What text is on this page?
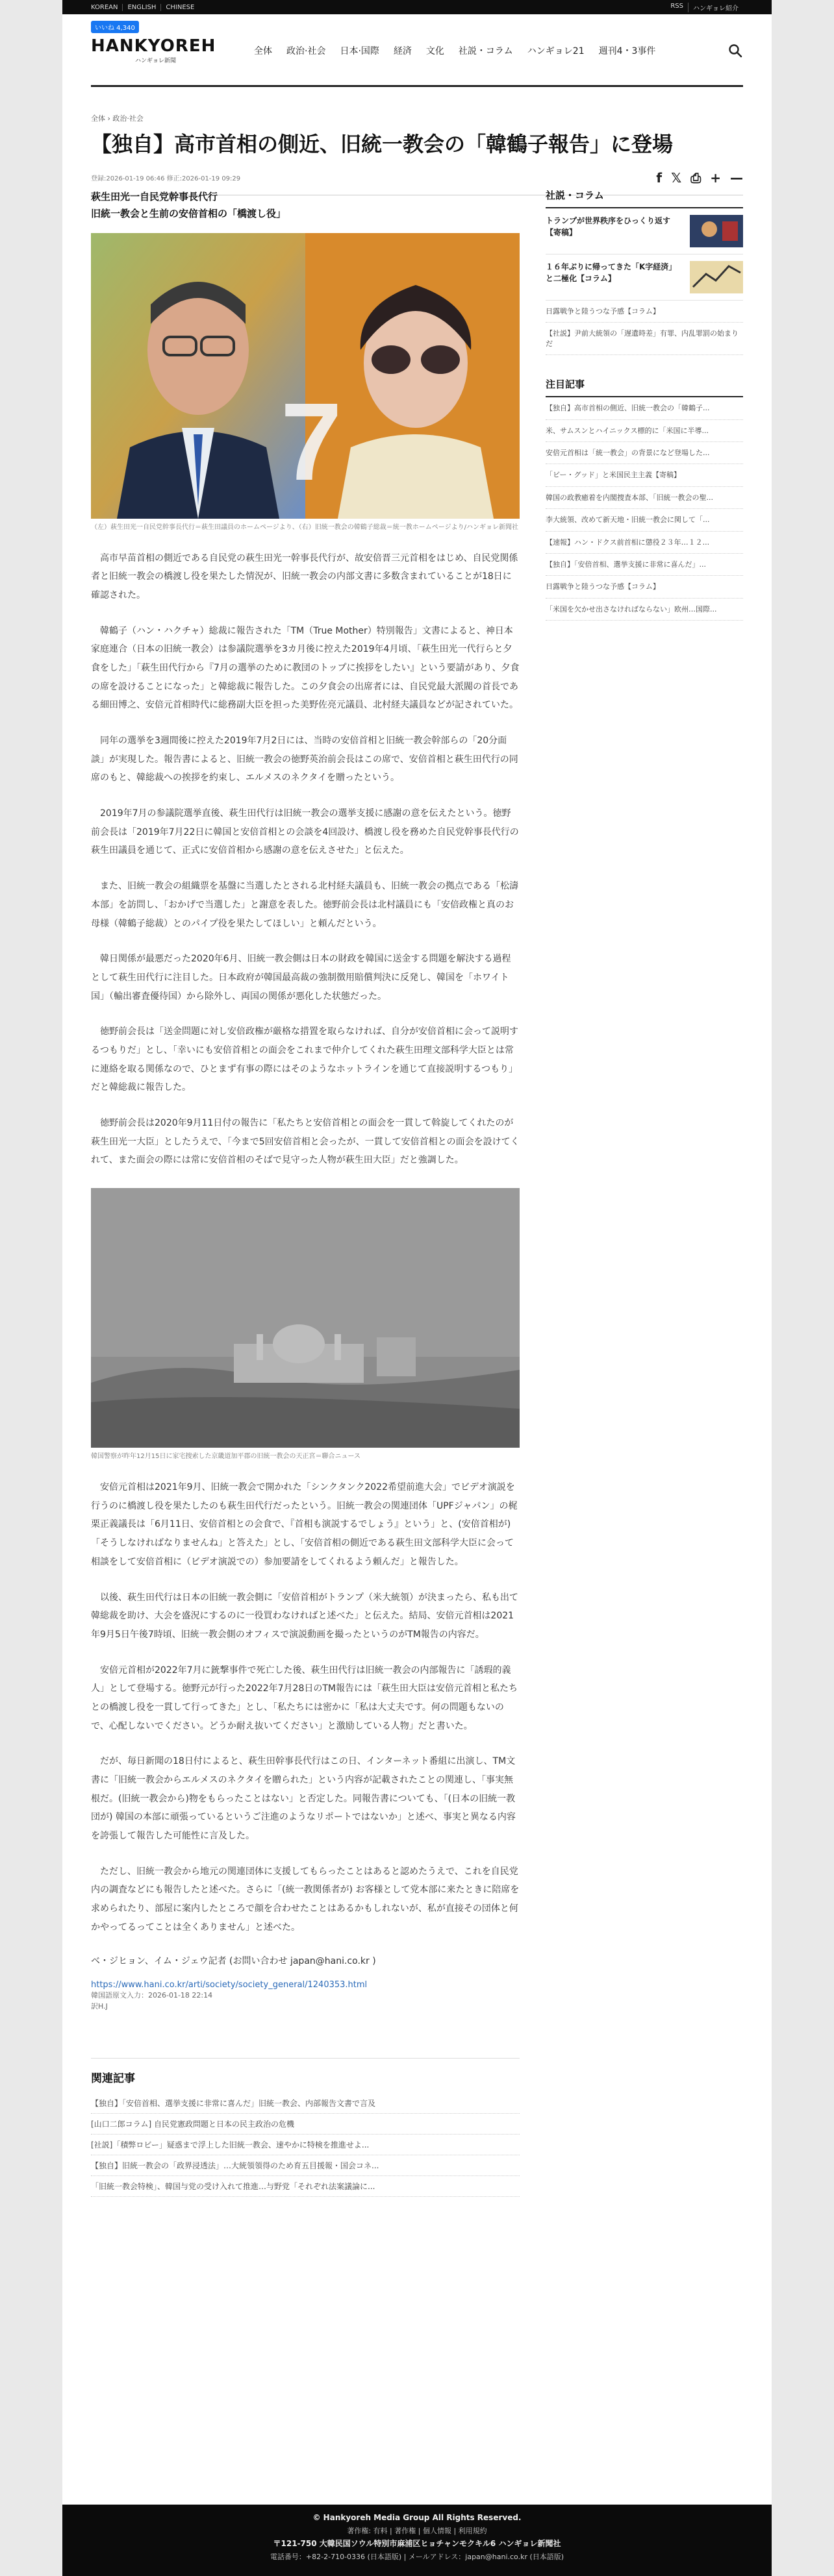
KOREAN	ENGLISH	CHINESE	RSS	ハンギョレ紹介
いいね 4,340
HANKYOREH
ハンギョレ新聞
全体	政治·社会	日本·国際	経済	文化	社説・コラム	ハンギョレ21	週刊4・3事件
全体 › 政治·社会
【独自】高市首相の側近、旧統一教会の「韓鶴子報告」に登場
登録:2026-01-19 06:46 修正:2026-01-19 09:29	f 𝕏 ⎙ + —
萩生田光一自民党幹事長代行
旧統一教会と生前の安倍首相の「橋渡し役」
7
（左）萩生田光一自民党幹事長代行＝萩生田議員のホームページより、（右）旧統一教会の韓鶴子総裁＝統一教ホームページより/ハンギョレ新聞社

高市早苗首相の側近である自民党の萩生田光一幹事長代行が、故安倍晋三元首相をはじめ、自民党関係者と旧統一教会の橋渡し役を果たした情況が、旧統一教会の内部文書に多数含まれていることが18日に確認された。

韓鶴子（ハン・ハクチャ）総裁に報告された「TM（True Mother）特別報告」文書によると、神日本家庭連合（日本の旧統一教会）は参議院選挙を3カ月後に控えた2019年4月頃、「萩生田光一代行らと夕食をした」「萩生田代行から『7月の選挙のために教団のトップに挨拶をしたい』という要請があり、夕食の席を設けることになった」と韓総裁に報告した。この夕食会の出席者には、自民党最大派閥の首長である細田博之、安倍元首相時代に総務副大臣を担った美野佐亮元議員、北村経夫議員などが記されていた。

同年の選挙を3週間後に控えた2019年7月2日には、当時の安倍首相と旧統一教会幹部らの「20分面談」が実現した。報告書によると、旧統一教会の徳野英治前会長はこの席で、安倍首相と萩生田代行の同席のもと、韓総裁への挨拶を約束し、エルメスのネクタイを贈ったという。

2019年7月の参議院選挙直後、萩生田代行は旧統一教会の選挙支援に感謝の意を伝えたという。徳野前会長は「2019年7月22日に韓国と安倍首相との会談を4回設け、橋渡し役を務めた自民党幹事長代行の萩生田議員を通じて、正式に安倍首相から感謝の意を伝えさせた」と伝えた。

また、旧統一教会の組織票を基盤に当選したとされる北村経夫議員も、旧統一教会の拠点である「松濤本部」を訪問し、「おかげで当選した」と謝意を表した。徳野前会長は北村議員にも「安倍政権と真のお母様（韓鶴子総裁）とのパイプ役を果たしてほしい」と頼んだという。

韓日関係が最悪だった2020年6月、旧統一教会側は日本の財政を韓国に送金する問題を解決する過程として萩生田代行に注目した。日本政府が韓国最高裁の強制徴用賠償判決に反発し、韓国を「ホワイト国」（輸出審査優待国）から除外し、両国の関係が悪化した状態だった。

徳野前会長は「送金問題に対し安倍政権が厳格な措置を取らなければ、自分が安倍首相に会って説明するつもりだ」とし、「幸いにも安倍首相との面会をこれまで仲介してくれた萩生田理文部科学大臣とは常に連絡を取る関係なので、ひとまず有事の際にはそのようなホットラインを通じて直接説明するつもり」だと韓総裁に報告した。

徳野前会長は2020年9月11日付の報告に「私たちと安倍首相との面会を一貫して斡旋してくれたのが萩生田光一大臣」としたうえで、「今まで5回安倍首相と会ったが、一貫して安倍首相との面会を設けてくれて、また面会の際には常に安倍首相のそばで見守った人物が萩生田大臣」だと強調した。

韓国警察が昨年12月15日に家宅捜索した京畿道加平郡の旧統一教会の天正宮＝聯合ニュース

安倍元首相は2021年9月、旧統一教会で開かれた「シンクタンク2022希望前進大会」でビデオ演説を行うのに橋渡し役を果たしたのも萩生田代行だったという。旧統一教会の関連団体「UPFジャパン」の梶栗正義議長は「6月11日、安倍首相との会食で、『首相も演説するでしょう』という」と、(安倍首相が)「そうしなければなりませんね」と答えた」とし、「安倍首相の側近である萩生田文部科学大臣に会って相談をして安倍首相に（ビデオ演説での）参加要請をしてくれるよう頼んだ」と報告した。

以後、萩生田代行は日本の旧統一教会側に「安倍首相がトランプ（米大統領）が決まったら、私も出て韓総裁を助け、大会を盛況にするのに一役買わなければと述べた」と伝えた。結局、安倍元首相は2021年9月5日午後7時頃、旧統一教会側のオフィスで演説動画を撮ったというのがTM報告の内容だ。

安倍元首相が2022年7月に銃撃事件で死亡した後、萩生田代行は旧統一教会の内部報告に「誘瑕的義人」として登場する。徳野元が行った2022年7月28日のTM報告には「萩生田大臣は安倍元首相と私たちとの橋渡し役を一貫して行ってきた」とし、「私たちには密かに「私は大丈夫です。何の問題もないので、心配しないでください。どうか耐え抜いてください」と激励している人物」だと書いた。

だが、毎日新聞の18日付によると、萩生田幹事長代行はこの日、インターネット番組に出演し、TM文書に「旧統一教会からエルメスのネクタイを贈られた」という内容が記載されたことの関連し、「事実無根だ。(旧統一教会から)物をもらったことはない」と否定した。同報告書についても、「(日本の旧統一教団が) 韓国の本部に頑張っているというご注進のようなリポートではないか」と述べ、事実と異なる内容を誇張して報告した可能性に言及した。

ただし、旧統一教会から地元の関連団体に支援してもらったことはあると認めたうえで、これを自民党内の調査などにも報告したと述べた。さらに「(統一教関係者が) お客様として党本部に来たときに陪席を求められたり、部屋に案内したところで顔を合わせたことはあるかもしれないが、私が直接その団体と何かやってるってことは全くありません」と述べた。

ベ・ジヒョン、イム・ジェウ記者 (お問い合わせ japan@hani.co.kr )
https://www.hani.co.kr/arti/society/society_general/1240353.html
韓国語原文入力：2026-01-18 22:14
訳H.J
関連記事
【独自】「安倍首相、選挙支援に非常に喜んだ」旧統一教会、内部報告文書で言及
[山口二郎コラム] 自民党憲政問題と日本の民主政治の危機
[社説]「積弊ロビー」疑惑まで浮上した旧統一教会、速やかに特検を推進せよ...
【独自】旧統一教会の「政界浸透法」…大統領領得のため育五目援報・国会コネ...
「旧統一教会特検」、韓国与党の受け入れて推進…与野党「それぞれ法案議論に...
社説・コラム
トランプが世界秩序をひっくり返す【寄稿】
１６年ぶりに帰ってきた「K字経済」と二極化【コラム】
日露戦争と陸うつな予感【コラム】
【社説】尹前大統領の「遅遺時差」有罪、内乱罪罰の始まりだ
注目記事
【独自】高市首相の側近、旧統一教会の「韓鶴子...
米、サムスンとハイニックス標的に「米国に半導...
安倍元首相は「統一教会」の背景になど登場した...
「ビー・グッド」と米国民主主義【寄稿】
韓国の政教癒着を内閣捜査本部、「旧統一教会の聖...
李大統領、改めて新天地・旧統一教会に関して「...
【速報】ハン・ドクス前首相に懲役２３年…１２...
【独自】「安倍首相、選挙支援に非常に喜んだ」...
日露戦争と陸うつな予感【コラム】
「米国を欠かせ出さなければならない」欧州…国際...
© Hankyoreh Media Group All Rights Reserved.
著作権: 有料 | 著作権 | 個人情報 | 利用規約
〒121-750 大韓民国ソウル特別市麻浦区ヒョチャンモクキル6 ハンギョレ新聞社
電話番号：+82-2-710-0336 (日本語版) | メールアドレス：japan@hani.co.kr (日本語版)
